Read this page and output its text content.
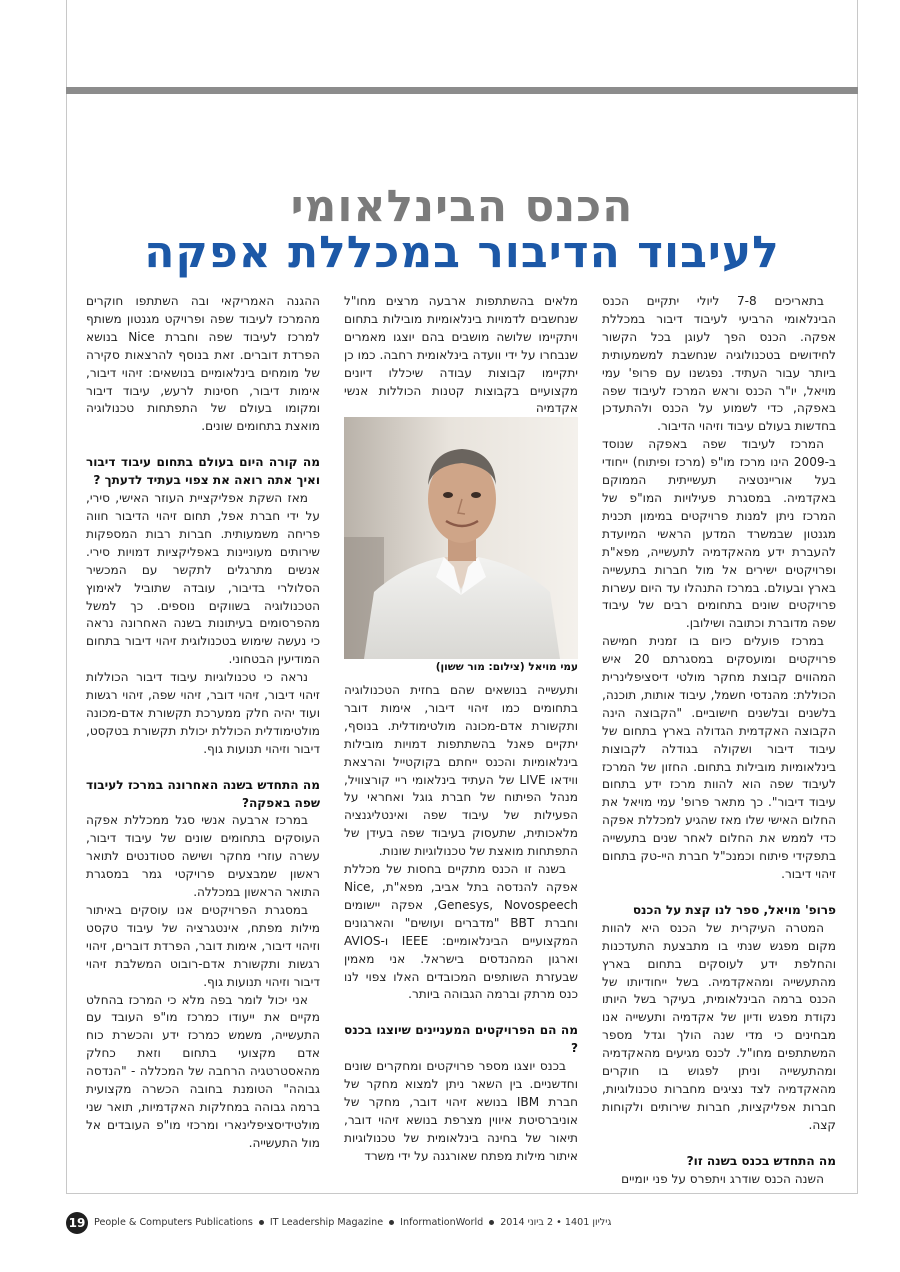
הכנס הבינלאומי
לעיבוד הדיבור במכללת אפקה

בתאריכים 7-8 ליולי יתקיים הכנס הבינלאומי הרביעי לעיבוד דיבור במכללת אפקה. הכנס הפך לעוגן בכל הקשור לחידושים בטכנולוגיה שנחשבת למשמעותית ביותר עבור העתיד. נפגשנו עם פרופ' עמי מויאל, יו"ר הכנס וראש המרכז לעיבוד שפה באפקה, כדי לשמוע על הכנס ולהתעדכן בחדשות בעולם עיבוד וזיהוי הדיבור.

המרכז לעיבוד שפה באפקה שנוסד ב-2009 הינו מרכז מו"פ (מרכז ופיתוח) ייחודי בעל אוריינטציה תעשייתית הממוקם באקדמיה. במסגרת פעילויות המו"פ של המרכז ניתן למנות פרויקטים במימון תכנית מגנטון שבמשרד המדען הראשי המיועדת להעברת ידע מהאקדמיה לתעשייה, מפא"ת ופרויקטים ישירים אל מול חברות בתעשייה בארץ ובעולם. במרכז התנהלו עד היום עשרות פרויקטים שונים בתחומים רבים של עיבוד שפה מדוברת וכתובה ושילובן.

במרכז פועלים כיום בו זמנית חמישה פרויקטים ומועסקים במסגרתם 20 איש המהווים קבוצת מחקר מולטי דיסציפלינרית הכוללת: מהנדסי חשמל, עיבוד אותות, תוכנה, בלשנים ובלשנים חישוביים. "הקבוצה הינה הקבוצה האקדמית הגדולה בארץ בתחום של עיבוד דיבור ושקולה בגודלה לקבוצות בינלאומיות מובילות בתחום. החזון של המרכז לעיבוד שפה הוא להוות מרכז ידע בתחום עיבוד דיבור". כך מתאר פרופ' עמי מויאל את החלום האישי שלו מאז שהגיע למכללת אפקה כדי לממש את החלום לאחר שנים בתעשייה בתפקידי פיתוח וכמנכ"ל חברת היי-טק בתחום זיהוי דיבור.

פרופ' מויאל, ספר לנו קצת על הכנס

המטרה העיקרית של הכנס היא להוות מקום מפגש שנתי בו מתבצעת התעדכנות והחלפת ידע לעוסקים בתחום בארץ מהתעשייה ומהאקדמיה. בשל ייחודיותו של הכנס ברמה הבינלאומית, בעיקר בשל היותו נקודת מפגש ודיון של אקדמיה ותעשייה אנו מבחינים כי מדי שנה הולך וגדל מספר המשתתפים מחו"ל. לכנס מגיעים מהאקדמיה ומהתעשייה וניתן לפגוש בו חוקרים מהאקדמיה לצד נציגים מחברות טכנולוגיות, חברות אפליקציות, חברות שירותים ולקוחות קצה.

מה התחדש בכנס בשנה זו?

השנה הכנס שודרג ויתפרס על פני יומיים

מלאים בהשתתפות ארבעה מרצים מחו"ל שנחשבים לדמויות בינלאומיות מובילות בתחום ויתקיימו שלושה מושבים בהם יוצגו מאמרים שנבחרו על ידי וועדה בינלאומית רחבה. כמו כן יתקיימו קבוצות עבודה שיכללו דיונים מקצועיים בקבוצות קטנות הכוללות אנשי אקדמיה

ותעשייה בנושאים שהם בחזית הטכנולוגיה בתחומים כמו זיהוי דיבור, אימות דובר ותקשורת אדם-מכונה מולטימודלית. בנוסף, יתקיים פאנל בהשתתפות דמויות מובילות בינלאומיות והכנס ייחתם בקוקטייל והרצאת ווידאו LIVE של העתיד בינלאומי ריי קורצוויל, מנהל הפיתוח של חברת גוגל ואחראי על הפעילות של עיבוד שפה ואינטליגנציה מלאכותית, שתעסוק בעיבוד שפה בעידן של התפתחות מואצת של טכנולוגיות שונות.

בשנה זו הכנס מתקיים בחסות של מכללת אפקה להנדסה בתל אביב, מפא"ת, Nice, Genesys, Novospeech, אפקה יישומים וחברת BBT "מדברים ועושים" והארגונים המקצועיים הבינלאומיים: IEEE ו-AVIOS וארגון המהנדסים בישראל. אני מאמין שבעזרת השותפים המכובדים האלו צפוי לנו כנס מרתק וברמה הגבוהה ביותר.

מה הם הפרויקטים המעניינים שיוצגו בכנס ?

בכנס יוצגו מספר פרויקטים ומחקרים שונים וחדשניים. בין השאר ניתן למצוא מחקר של חברת IBM בנושא זיהוי דובר, מחקר של אוניברסיטת איווין מצרפת בנושא זיהוי דובר, תיאור של בחינה בינלאומית של טכנולוגיות איתור מילות מפתח שאורגנה על ידי משרד

ההגנה האמריקאי ובה השתתפו חוקרים מהמרכז לעיבוד שפה ופרויקט מגנטון משותף למרכז לעיבוד שפה וחברת Nice בנושא הפרדת דוברים. זאת בנוסף להרצאות סקירה של מומחים בינלאומיים בנושאים: זיהוי דיבור, אימות דיבור, חסינות לרעש, עיבוד דיבור ומקומו בעולם של התפתחות טכנולוגיה מואצת בתחומים שונים.

מה קורה היום בעולם בתחום עיבוד דיבור ואיך אתה רואה את צפוי בעתיד לדעתך ?

מאז השקת אפליקציית העוזר האישי, סירי, על ידי חברת אפל, תחום זיהוי הדיבור חווה פריחה משמעותית. חברות רבות המספקות שירותים מעוניינות באפליקציות דמויות סירי. אנשים מתרגלים לתקשר עם המכשיר הסלולרי בדיבור, עובדה שתוביל לאימוץ הטכנולוגיה בשווקים נוספים. כך למשל מהפרסומים בעיתונות בשנה האחרונה נראה כי נעשה שימוש בטכנולוגית זיהוי דיבור בתחום המודיעין הבטחוני.

נראה כי טכנולוגיות עיבוד דיבור הכוללות זיהוי דיבור, זיהוי דובר, זיהוי שפה, זיהוי רגשות ועוד יהיה חלק ממערכת תקשורת אדם-מכונה מולטימודלית הכוללת יכולת תקשורת בטקסט, דיבור וזיהוי תנועות גוף.

מה התחדש בשנה האחרונה במרכז לעיבוד שפה באפקה?

במרכז ארבעה אנשי סגל ממכללת אפקה העוסקים בתחומים שונים של עיבוד דיבור, עשרה עוזרי מחקר ושישה סטודנטים לתואר ראשון שמבצעים פרויקטי גמר במסגרת התואר הראשון במכללה.

במסגרת הפרויקטים אנו עוסקים באיתור מילות מפתח, אינטגרציה של עיבוד טקסט וזיהוי דיבור, אימות דובר, הפרדת דוברים, זיהוי רגשות ותקשורת אדם-רובוט המשלבת זיהוי דיבור וזיהוי תנועות גוף.

אני יכול לומר בפה מלא כי המרכז בהחלט מקיים את ייעודו כמרכז מו"פ העובד עם התעשייה, משמש כמרכז ידע והכשרת כוח אדם מקצועי בתחום וזאת כחלק מהאסטרטגיה הרחבה של המכללה - "הנדסה גבוהה" הטומנת בחובה הכשרה מקצועית ברמה גבוהה במחלקות האקדמיות, תואר שני מולטידיסציפלינארי ומרכזי מו"פ העובדים אל מול התעשייה.

עמי מויאל (צילום: מור ששון)
19 People & Computers Publications IT Leadership Magazine InformationWorld 2014 גיליון 1401 • 2 ביוני
